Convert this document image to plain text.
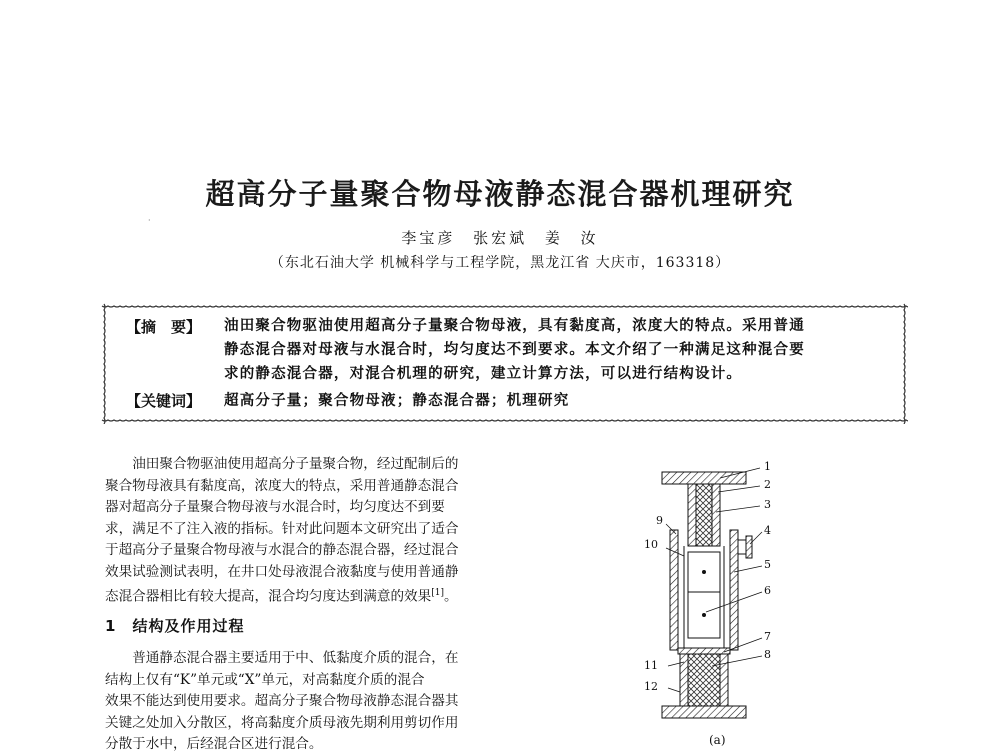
·
超高分子量聚合物母液静态混合器机理研究
李宝彦 张宏斌 姜 汝
（东北石油大学 机械科学与工程学院，黑龙江省 大庆市，163318）
【摘　要】 油田聚合物驱油使用超高分子量聚合物母液，具有黏度高，浓度大的特点。采用普通
静态混合器对母液与水混合时，均匀度达不到要求。本文介绍了一种满足这种混合要
求的静态混合器，对混合机理的研究，建立计算方法，可以进行结构设计。
【关键词】 超高分子量；聚合物母液；静态混合器；机理研究
油田聚合物驱油使用超高分子量聚合物，经过配制后的
聚合物母液具有黏度高，浓度大的特点，采用普通静态混合
器对超高分子量聚合物母液与水混合时，均匀度达不到要
求，满足不了注入液的指标。针对此问题本文研究出了适合
于超高分子量聚合物母液与水混合的静态混合器，经过混合
效果试验测试表明，在井口处母液混合液黏度与使用普通静
态混合器相比有较大提高，混合均匀度达到满意的效果[1]。
1 结构及作用过程
普通静态混合器主要适用于中、低黏度介质的混合，在
结构上仅有“K”单元或“X”单元，对高黏度介质的混合
效果不能达到使用要求。超高分子聚合物母液静态混合器其
关键之处加入分散区，将高黏度介质母液先期利用剪切作用
分散于水中，后经混合区进行混合。
1
2
3
4
5
6
7
8
9
10
11
12
(a)
